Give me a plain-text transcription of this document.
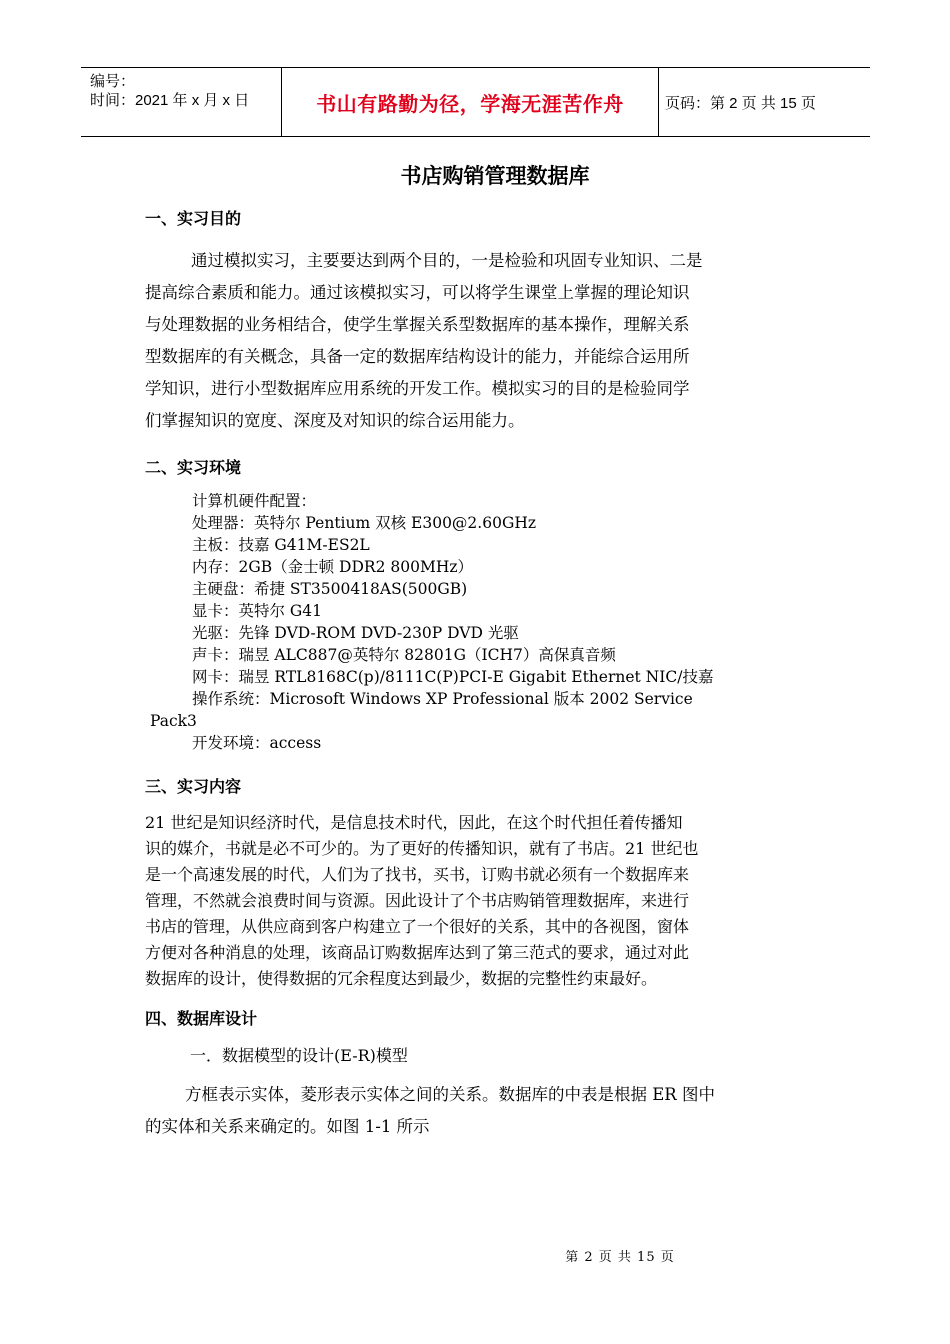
编号：
时间：2021 年 x 月 x 日	书山有路勤为径，学海无涯苦作舟	页码：第 2 页 共 15 页
书店购销管理数据库
一、实习目的
通过模拟实习，主要要达到两个目的，一是检验和巩固专业知识、二是
提高综合素质和能力。通过该模拟实习，可以将学生课堂上掌握的理论知识
与处理数据的业务相结合，使学生掌握关系型数据库的基本操作，理解关系
型数据库的有关概念，具备一定的数据库结构设计的能力，并能综合运用所
学知识，进行小型数据库应用系统的开发工作。模拟实习的目的是检验同学
们掌握知识的宽度、深度及对知识的综合运用能力。
二、实习环境
计算机硬件配置：
处理器：英特尔 Pentium 双核 E300@2.60GHz
主板：技嘉 G41M-ES2L
内存：2GB（金士顿 DDR2 800MHz）
主硬盘：希捷 ST3500418AS(500GB)
显卡：英特尔 G41
光驱：先锋 DVD-ROM DVD-230P DVD 光驱
声卡：瑞昱 ALC887@英特尔 82801G（ICH7）高保真音频
网卡：瑞昱 RTL8168C(p)/8111C(P)PCI-E Gigabit Ethernet NIC/技嘉
操作系统：Microsoft Windows XP Professional 版本 2002 Service
Pack3
开发环境：access
三、实习内容
21 世纪是知识经济时代，是信息技术时代，因此，在这个时代担任着传播知
识的媒介，书就是必不可少的。为了更好的传播知识，就有了书店。21 世纪也
是一个高速发展的时代，人们为了找书，买书，订购书就必须有一个数据库来
管理，不然就会浪费时间与资源。因此设计了个书店购销管理数据库，来进行
书店的管理，从供应商到客户构建立了一个很好的关系，其中的各视图，窗体
方便对各种消息的处理，该商品订购数据库达到了第三范式的要求，通过对此
数据库的设计，使得数据的冗余程度达到最少，数据的完整性约束最好。
四、数据库设计
一．数据模型的设计(E-R)模型
方框表示实体，菱形表示实体之间的关系。数据库的中表是根据 ER 图中
的实体和关系来确定的。如图 1-1 所示
第 2 页 共 15 页
